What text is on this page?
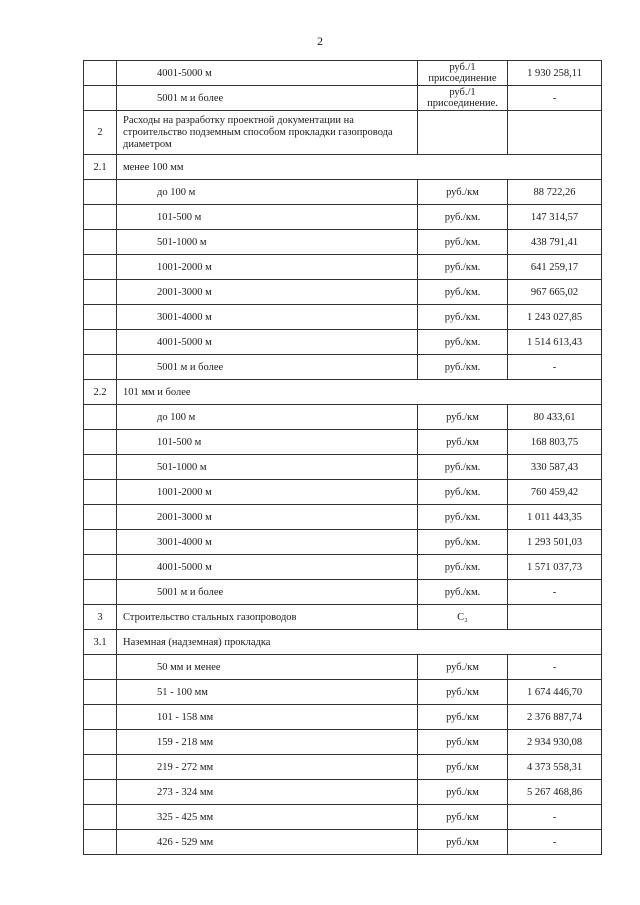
2
	4001-5000 м	руб./1 присоединение	1 930 258,11
	5001 м и более	руб./1 присоединение.	-
2	Расходы на разработку проектной документации на строительство подземным способом прокладки газопровода диаметром		
2.1	менее 100 мм		
	до 100 м	руб./км	88 722,26
	101-500 м	руб./км.	147 314,57
	501-1000 м	руб./км.	438 791,41
	1001-2000 м	руб./км.	641 259,17
	2001-3000 м	руб./км.	967 665,02
	3001-4000 м	руб./км.	1 243 027,85
	4001-5000 м	руб./км.	1 514 613,43
	5001 м и более	руб./км.	-
2.2	101 мм и более		
	до 100 м	руб./км	80 433,61
	101-500 м	руб./км	168 803,75
	501-1000 м	руб./км.	330 587,43
	1001-2000 м	руб./км.	760 459,42
	2001-3000 м	руб./км.	1 011 443,35
	3001-4000 м	руб./км.	1 293 501,03
	4001-5000 м	руб./км.	1 571 037,73
	5001 м и более	руб./км.	-
3	Строительство стальных газопроводов	С₂	
3.1	Наземная (надземная) прокладка		
	50 мм и менее	руб./км	-
	51 - 100 мм	руб./км	1 674 446,70
	101 - 158 мм	руб./км	2 376 887,74
	159 - 218 мм	руб./км	2 934 930,08
	219 - 272 мм	руб./км	4 373 558,31
	273 - 324 мм	руб./км	5 267 468,86
	325 - 425 мм	руб./км	-
	426 - 529 мм	руб./км	-
